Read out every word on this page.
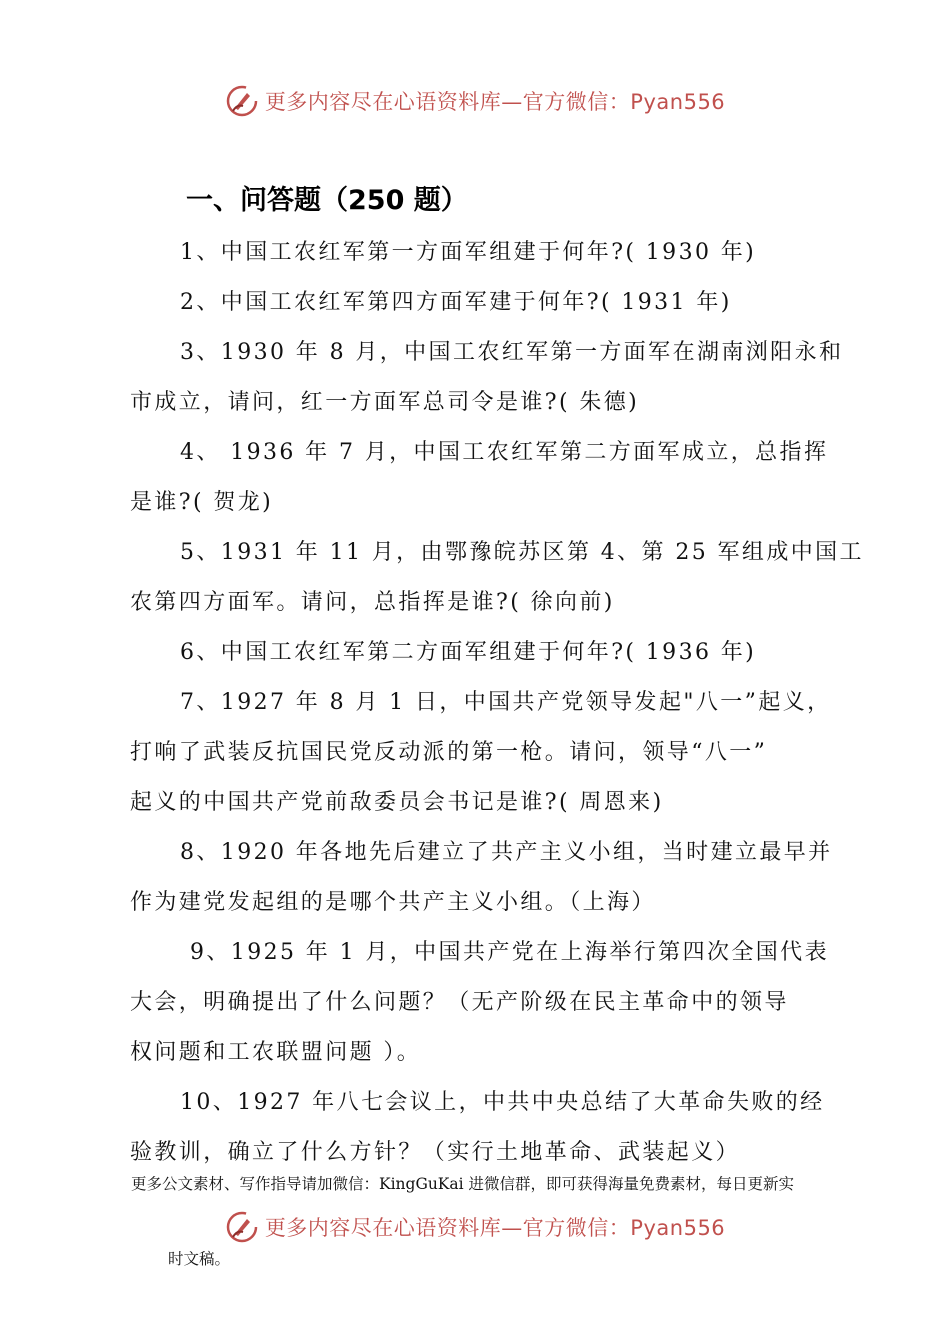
更多内容尽在心语资料库—官方微信：Pyan556
一、问答题（250 题）
1、中国工农红军第一方面军组建于何年?( 1930 年)
2、中国工农红军第四方面军建于何年?( 1931 年)
3、1930 年 8 月，中国工农红军第一方面军在湖南浏阳永和
市成立，请问，红一方面军总司令是谁?( 朱德)
4、 1936 年 7 月，中国工农红军第二方面军成立，总指挥
是谁?( 贺龙)
5、1931 年 11 月，由鄂豫皖苏区第 4、第 25 军组成中国工
农第四方面军。请问，总指挥是谁?( 徐向前)
6、中国工农红军第二方面军组建于何年?( 1936 年)
7、1927 年 8 月 1 日，中国共产党领导发起"八一”起义，
打响了武装反抗国民党反动派的第一枪。请问，领导“八一”
起义的中国共产党前敌委员会书记是谁?( 周恩来)
8、1920 年各地先后建立了共产主义小组，当时建立最早并
作为建党发起组的是哪个共产主义小组。（上海）
9、1925 年 1 月，中国共产党在上海举行第四次全国代表
大会，明确提出了什么问题？（无产阶级在民主革命中的领导
权问题和工农联盟问题 ）。
10、1927 年八七会议上，中共中央总结了大革命失败的经
验教训，确立了什么方针？（实行土地革命、武装起义）
更多公文素材、写作指导请加微信：KingGuKai 进微信群，即可获得海量免费素材，每日更新实
更多内容尽在心语资料库—官方微信：Pyan556
时文稿。
